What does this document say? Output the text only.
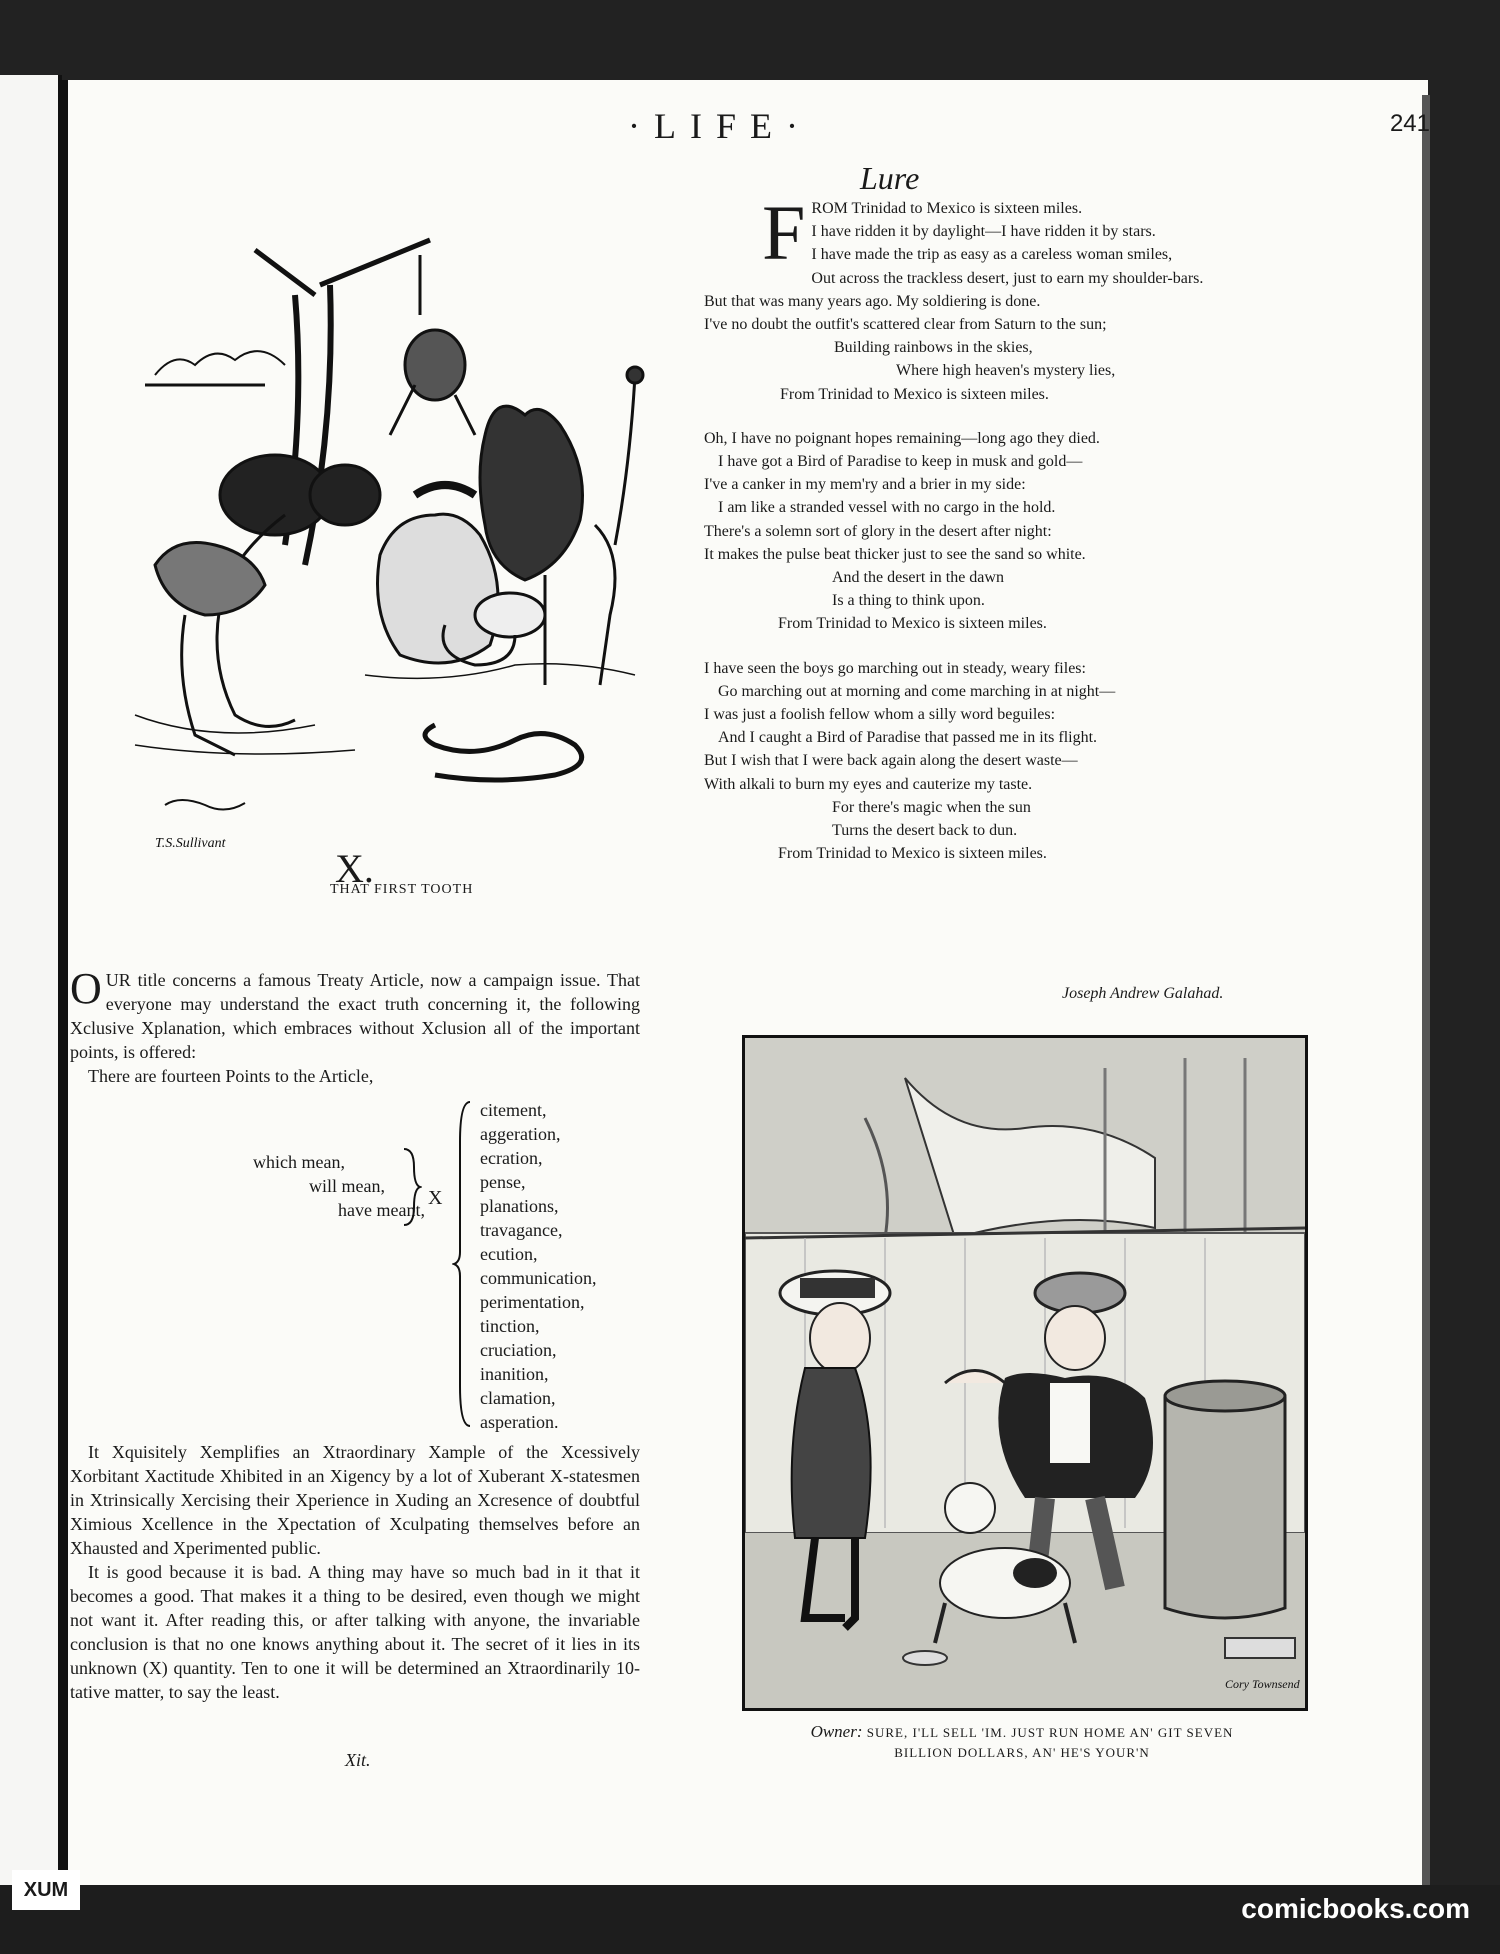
·LIFE·	241
T.S.Sullivant
THAT FIRST TOOTH
X.
O UR title concerns a famous Treaty Article, now a campaign issue. That everyone may understand the exact truth concerning it, the following Xclusive Xplanation, which embraces without Xclusion all of the important points, is offered:
There are fourteen Points to the Article,
which mean,
will mean,
have meant,
X
citement,
aggeration,
ecration,
pense,
planations,
travagance,
ecution,
communication,
perimentation,
tinction,
cruciation,
inanition,
clamation,
asperation.
It Xquisitely Xemplifies an Xtraordinary Xample of the Xcessively Xorbitant Xactitude Xhibited in an Xigency by a lot of Xuberant X-statesmen in Xtrinsically Xercising their Xperience in Xuding an Xcresence of doubtful Ximious Xcellence in the Xpectation of Xculpating themselves before an Xhausted and Xperimented public.
It is good because it is bad. A thing may have so much bad in it that it becomes a good. That makes it a thing to be desired, even though we might not want it. After reading this, or after talking with anyone, the invariable conclusion is that no one knows anything about it. The secret of it lies in its unknown (X) quantity. Ten to one it will be determined an Xtraordinarily 10-tative matter, to say the least.
Xit.
Lure
F ROM Trinidad to Mexico is sixteen miles.
I have ridden it by daylight—I have ridden it by stars.
I have made the trip as easy as a careless woman smiles,
Out across the trackless desert, just to earn my shoulder-bars.
But that was many years ago. My soldiering is done.
I've no doubt the outfit's scattered clear from Saturn to the sun;
Building rainbows in the skies,
Where high heaven's mystery lies,
From Trinidad to Mexico is sixteen miles.
Oh, I have no poignant hopes remaining—long ago they died.
I have got a Bird of Paradise to keep in musk and gold—
I've a canker in my mem'ry and a brier in my side:
I am like a stranded vessel with no cargo in the hold.
There's a solemn sort of glory in the desert after night:
It makes the pulse beat thicker just to see the sand so white.
And the desert in the dawn
Is a thing to think upon.
From Trinidad to Mexico is sixteen miles.
I have seen the boys go marching out in steady, weary files:
Go marching out at morning and come marching in at night—
I was just a foolish fellow whom a silly word beguiles:
And I caught a Bird of Paradise that passed me in its flight.
But I wish that I were back again along the desert waste—
With alkali to burn my eyes and cauterize my taste.
For there's magic when the sun
Turns the desert back to dun.
From Trinidad to Mexico is sixteen miles.
Joseph Andrew Galahad.
Cory Townsend
Owner: SURE, I'LL SELL 'IM. JUST RUN HOME AN' GIT SEVEN
BILLION DOLLARS, AN' HE'S YOUR'N
XUM
comicbooks.com
